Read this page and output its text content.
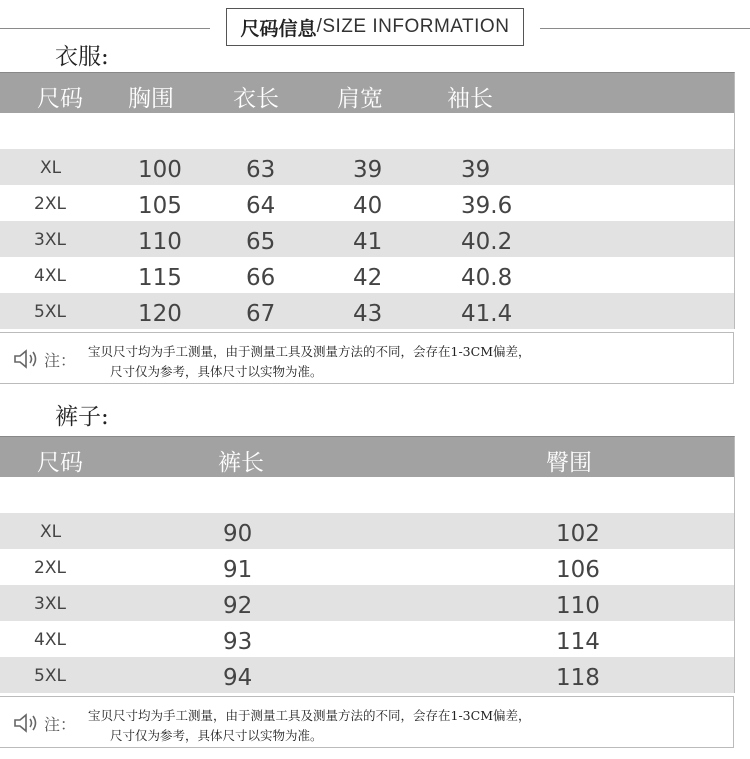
尺码信息 / SIZE INFORMATION
衣服:
尺码 胸围	衣长	肩宽	袖长
XL	100	63	39	39
2XL	105	64	40	39.6
3XL	110	65	41	40.2
4XL	115	66	42	40.8
5XL	120	67	43	41.4
注： 宝贝尺寸均为手工测量，由于测量工具及测量方法的不同，会存在1-3CM偏差，
尺寸仅为参考，具体尺寸以实物为准。
裤子:
尺码	裤长	臀围
XL	90	102
2XL	91	106
3XL	92	110
4XL	93	114
5XL	94	118
注： 宝贝尺寸均为手工测量，由于测量工具及测量方法的不同，会存在1-3CM偏差，
尺寸仅为参考，具体尺寸以实物为准。
